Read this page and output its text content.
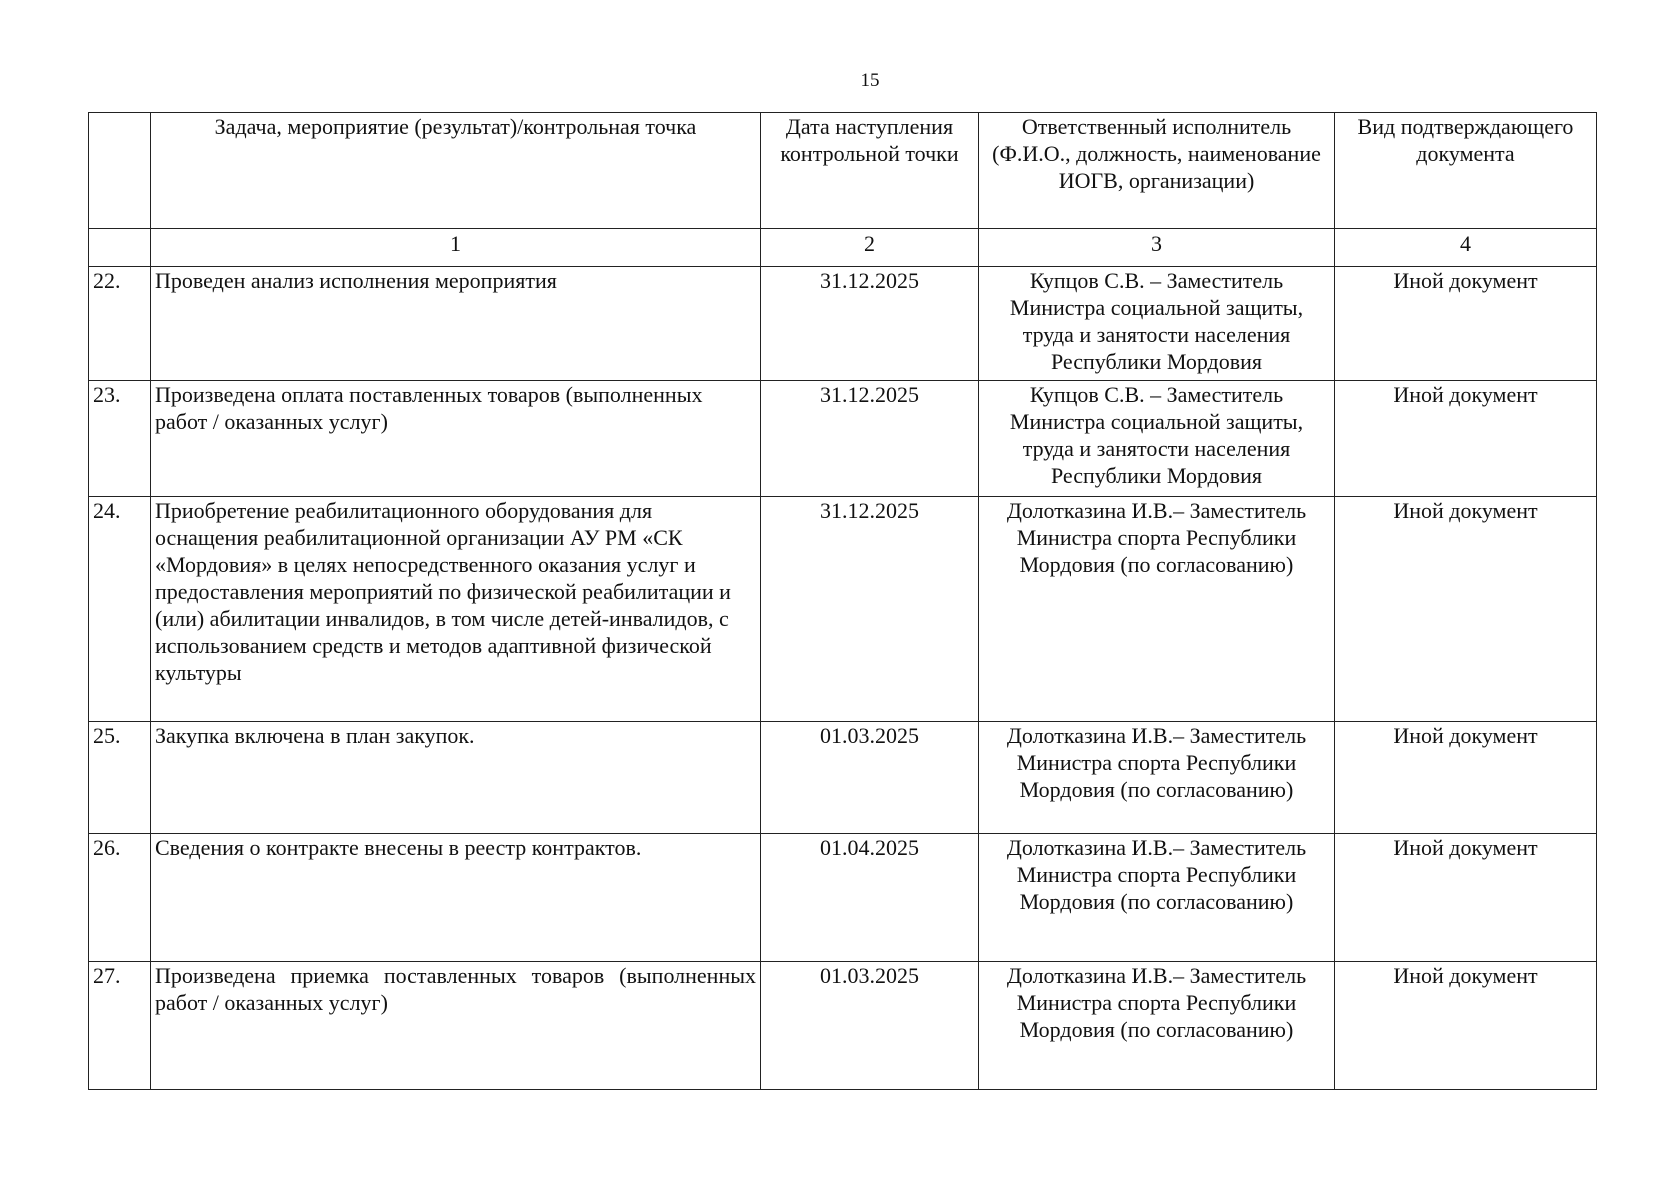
15
	Задача, мероприятие (результат)/контрольная точка	Дата наступления контрольной точки	Ответственный исполнитель (Ф.И.О., должность, наименование ИОГВ, организации)	Вид подтверждающего документа
	1	2	3	4
22.	Проведен анализ исполнения мероприятия	31.12.2025	Купцов С.В. – Заместитель Министра социальной защиты, труда и занятости населения Республики Мордовия	Иной документ
23.	Произведена оплата поставленных товаров (выполненных работ / оказанных услуг)	31.12.2025	Купцов С.В. – Заместитель Министра социальной защиты, труда и занятости населения Республики Мордовия	Иной документ
24.	Приобретение реабилитационного оборудования для оснащения реабилитационной организации АУ РМ «СК «Мордовия» в целях непосредственного оказания услуг и предоставления мероприятий по физической реабилитации и (или) абилитации инвалидов, в том числе детей-инвалидов, с использованием средств и методов адаптивной физической культуры	31.12.2025	Долотказина И.В.– Заместитель Министра спорта Республики Мордовия (по согласованию)	Иной документ
25.	Закупка включена в план закупок.	01.03.2025	Долотказина И.В.– Заместитель Министра спорта Республики Мордовия (по согласованию)	Иной документ
26.	Сведения о контракте внесены в реестр контрактов.	01.04.2025	Долотказина И.В.– Заместитель Министра спорта Республики Мордовия (по согласованию)	Иной документ
27.	Произведена приемка поставленных товаров (выполненных работ / оказанных услуг)	01.03.2025	Долотказина И.В.– Заместитель Министра спорта Республики Мордовия (по согласованию)	Иной документ
